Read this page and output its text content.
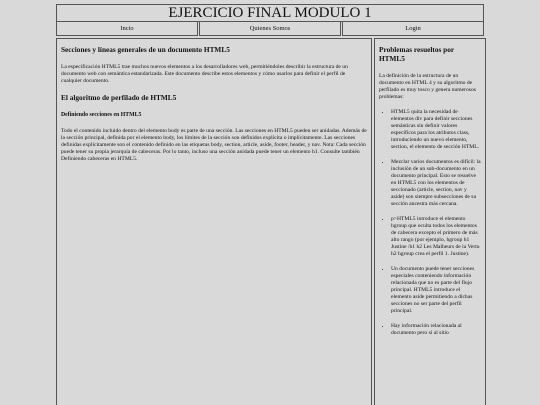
EJERCICIO FINAL MODULO 1
Incio	Quienes Somos	Login
Secciones y líneas generales de un documento HTML5

La especificación HTML5 trae muchos nuevos elementos a los desarrolladores web, permitiéndoles describir la estructura de un documento web con semántica estandarizada. Este documento describe estos elementos y cómo usarlos para definir el perfil de cualquier documento.

El algoritmo de perfilado de HTML5
Definiendo secciones en HTML5

Todo el contenido incluido dentro del elemento body es parte de una sección. Las secciones en HTML5 pueden ser anidadas. Además de la sección principal, definida por el elemento body, los límites de la sección son definidos explícita o implícitamente. Las secciones definidas explícitamente son el contenido definido en las etiquetas body, section, article, aside, footer, header, y nav. Nota: Cada sección puede tener su propia jerarquía de cabeceras. Por lo tanto, incluso una sección anidada puede tener un elemento h1. Consulte también Definiendo cabeceras en HTML5.

Problemas resueltos por HTML5

La definición de la estructura de un documento en HTML 4 y su algoritmo de perfilado es muy tosco y genera numerosos problemas:

• HTML5 quita la necesidad de elementos div para definir secciones semánticas sin definir valores específicos para los atributos class, introduciendo un nuevo elemento, section, el elemento de sección HTML.
• Mezclar varios documentos es difícil: la inclusión de un sub-documento en un documento principal. Esto se resuelve en HTML5 con los elementos de seccionado (article, section, nav y aside) son siempre subsecciones de su sección ancestra más cercana.
• p>HTML5 introduce el elemento hgroup que oculta todos los elementos de cabecera excepto el primero de más alto rango (por ejemplo, hgroup h1 Justine /h1 h2 Les Malheurs de la Vertu h2 hgroup crea el perfil 1. Justine).
• Un documento puede tener secciones especiales conteniendo información relacionada que no es parte del flujo principal. HTML5 introduce el elemento aside permitiendo a dichas secciones no ser parte del perfil principal.
• Hay información relacionada al documento pero si al sitio
